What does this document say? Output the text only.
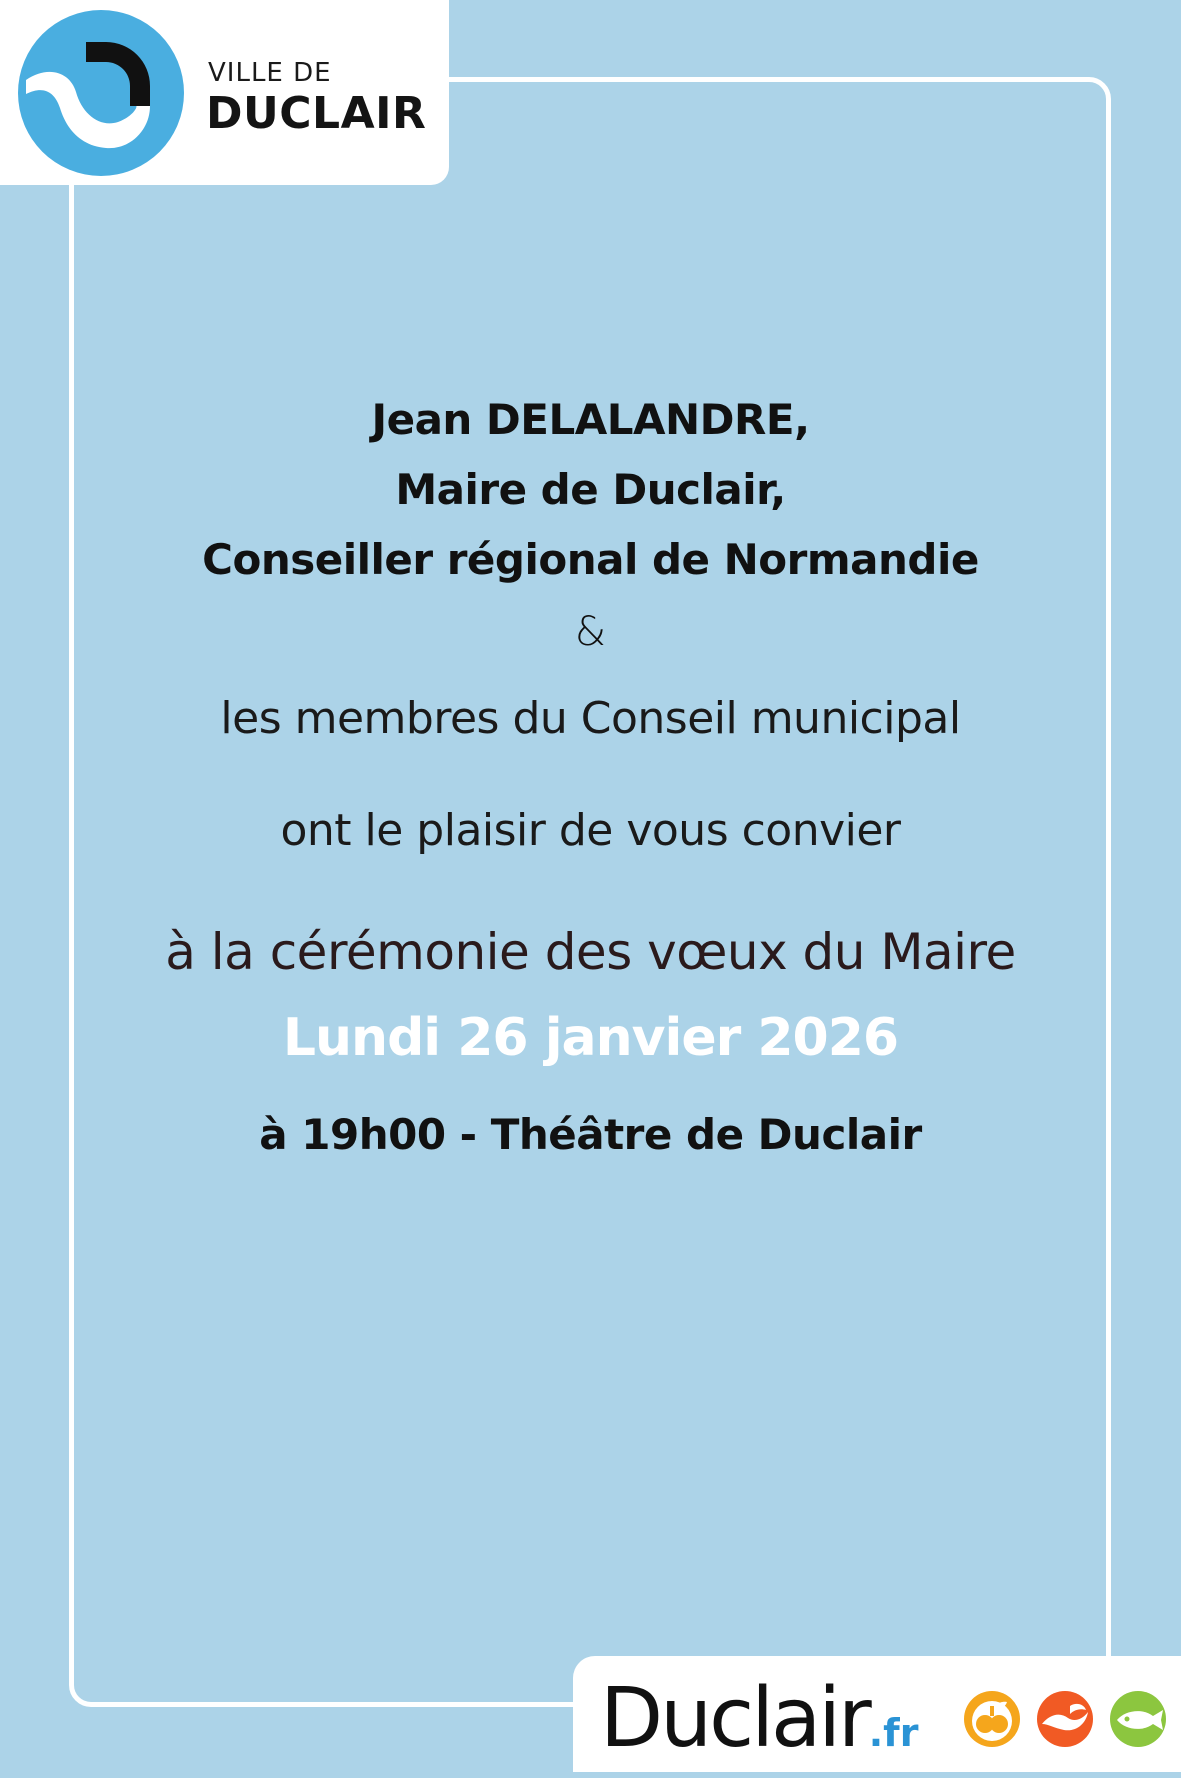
VILLE DE
DUCLAIR
Jean DELALANDRE,
Maire de Duclair,
Conseiller régional de Normandie
&
les membres du Conseil municipal
ont le plaisir de vous convier
à la cérémonie des vœux du Maire
Lundi 26 janvier 2026
à 19h00 - Théâtre de Duclair
Duclair.fr
